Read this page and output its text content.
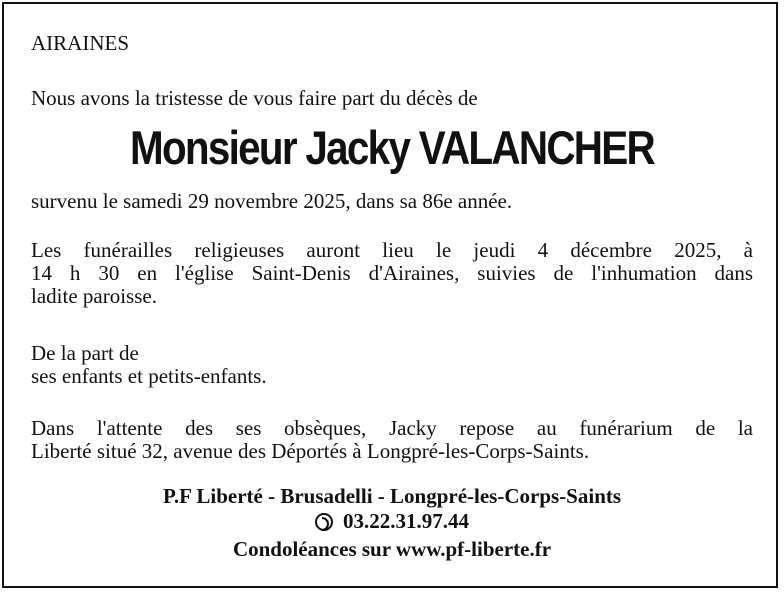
AIRAINES
Nous avons la tristesse de vous faire part du décès de
Monsieur Jacky VALANCHER
survenu le samedi 29 novembre 2025, dans sa 86e année.
Les funérailles religieuses auront lieu le jeudi 4 décembre 2025, à
14 h 30 en l'église Saint-Denis d'Airaines, suivies de l'inhumation dans
ladite paroisse.
De la part de
ses enfants et petits-enfants.
Dans l'attente des ses obsèques, Jacky repose au funérarium de la
Liberté situé 32, avenue des Déportés à Longpré-les-Corps-Saints.
P.F Liberté - Brusadelli - Longpré-les-Corps-Saints
03.22.31.97.44
Condoléances sur www.pf-liberte.fr
